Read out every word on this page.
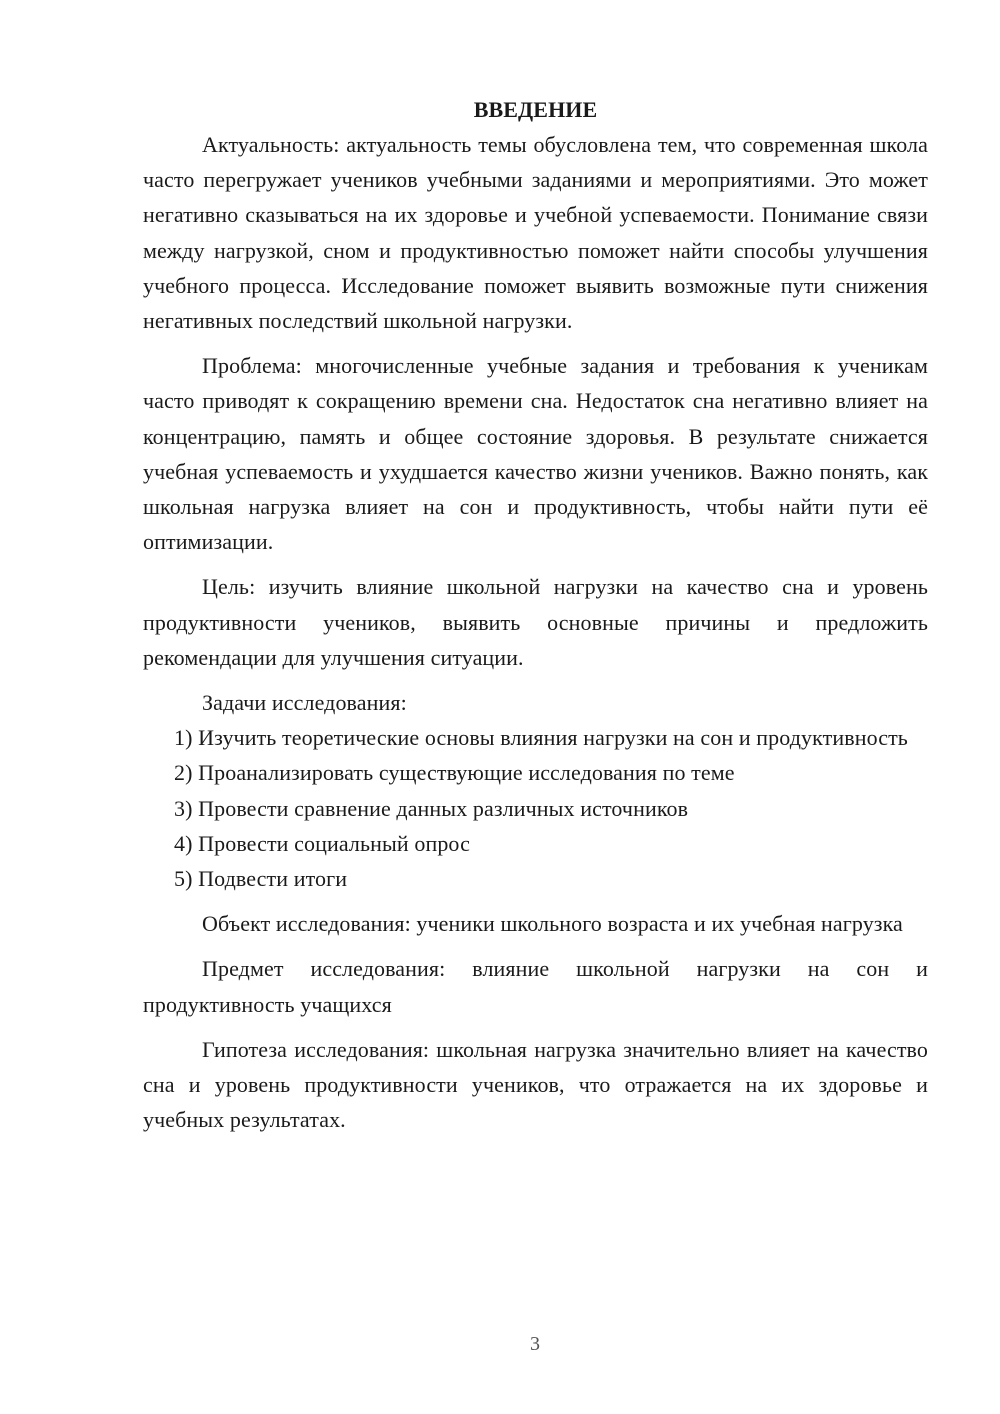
ВВЕДЕНИЕ

Актуальность: актуальность темы обусловлена тем, что современная школа часто перегружает учеников учебными заданиями и мероприятиями. Это может негативно сказываться на их здоровье и учебной успеваемости. Понимание связи между нагрузкой, сном и продуктивностью поможет найти способы улучшения учебного процесса. Исследование поможет выявить возможные пути снижения негативных последствий школьной нагрузки.

Проблема: многочисленные учебные задания и требования к ученикам часто приводят к сокращению времени сна. Недостаток сна негативно влияет на концентрацию, память и общее состояние здоровья. В результате снижается учебная успеваемость и ухудшается качество жизни учеников. Важно понять, как школьная нагрузка влияет на сон и продуктивность, чтобы найти пути её оптимизации.

Цель: изучить влияние школьной нагрузки на качество сна и уровень продуктивности учеников, выявить основные причины и предложить рекомендации для улучшения ситуации.

Задачи исследования:

1) Изучить теоретические основы влияния нагрузки на сон и продуктивность

2) Проанализировать существующие исследования по теме

3) Провести сравнение данных различных источников

4) Провести социальный опрос

5) Подвести итоги

Объект исследования: ученики школьного возраста и их учебная нагрузка

Предмет исследования: влияние школьной нагрузки на сон и продуктивность учащихся

Гипотеза исследования: школьная нагрузка значительно влияет на качество сна и уровень продуктивности учеников, что отражается на их здоровье и учебных результатах.

3
